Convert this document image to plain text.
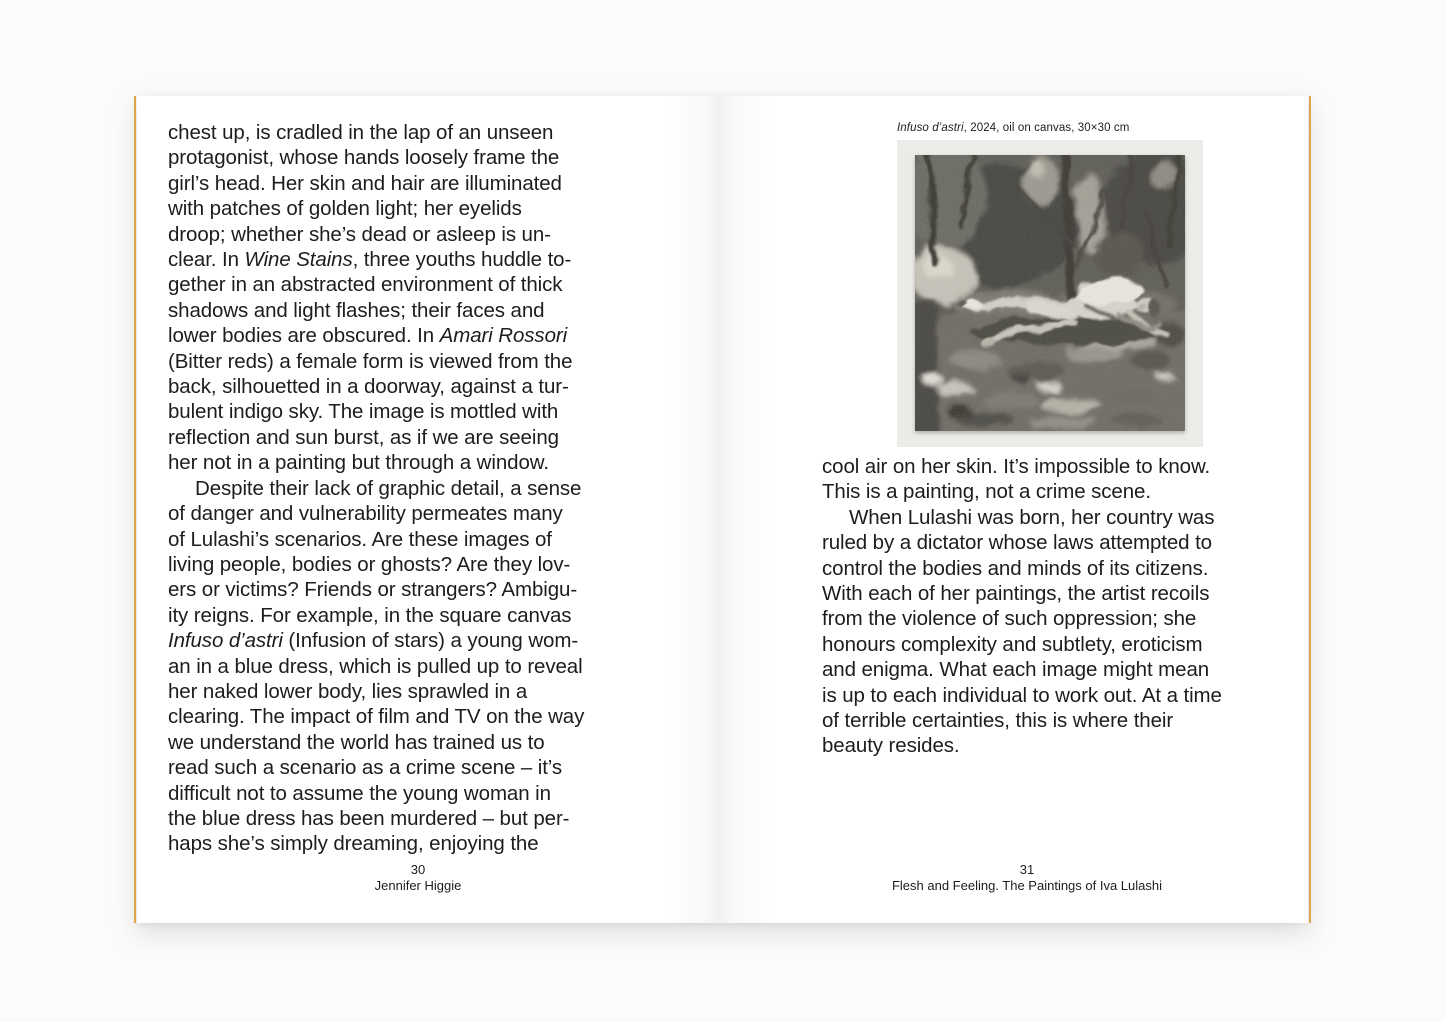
chest up, is cradled in the lap of an unseen
protagonist, whose hands loosely frame the
girl’s head. Her skin and hair are illuminated
with patches of golden light; her eyelids
droop; whether she’s dead or asleep is un-
clear. In Wine Stains, three youths huddle to-
gether in an abstracted environment of thick
shadows and light flashes; their faces and
lower bodies are obscured. In Amari Rossori
(Bitter reds) a female form is viewed from the
back, silhouetted in a doorway, against a tur-
bulent indigo sky. The image is mottled with
reflection and sun burst, as if we are seeing
her not in a painting but through a window.
Despite their lack of graphic detail, a sense
of danger and vulnerability permeates many
of Lulashi’s scenarios. Are these images of
living people, bodies or ghosts? Are they lov-
ers or victims? Friends or strangers? Ambigu-
ity reigns. For example, in the square canvas
Infuso d’astri (Infusion of stars) a young wom-
an in a blue dress, which is pulled up to reveal
her naked lower body, lies sprawled in a
clearing. The impact of film and TV on the way
we understand the world has trained us to
read such a scenario as a crime scene – it’s
difficult not to assume the young woman in
the blue dress has been murdered – but per-
haps she’s simply dreaming, enjoying the
30
Jennifer Higgie
Infuso d’astri, 2024, oil on canvas, 30×30 cm
cool air on her skin. It’s impossible to know.
This is a painting, not a crime scene.
When Lulashi was born, her country was
ruled by a dictator whose laws attempted to
control the bodies and minds of its citizens.
With each of her paintings, the artist recoils
from the violence of such oppression; she
honours complexity and subtlety, eroticism
and enigma. What each image might mean
is up to each individual to work out. At a time
of terrible certainties, this is where their
beauty resides.
31
Flesh and Feeling. The Paintings of Iva Lulashi
